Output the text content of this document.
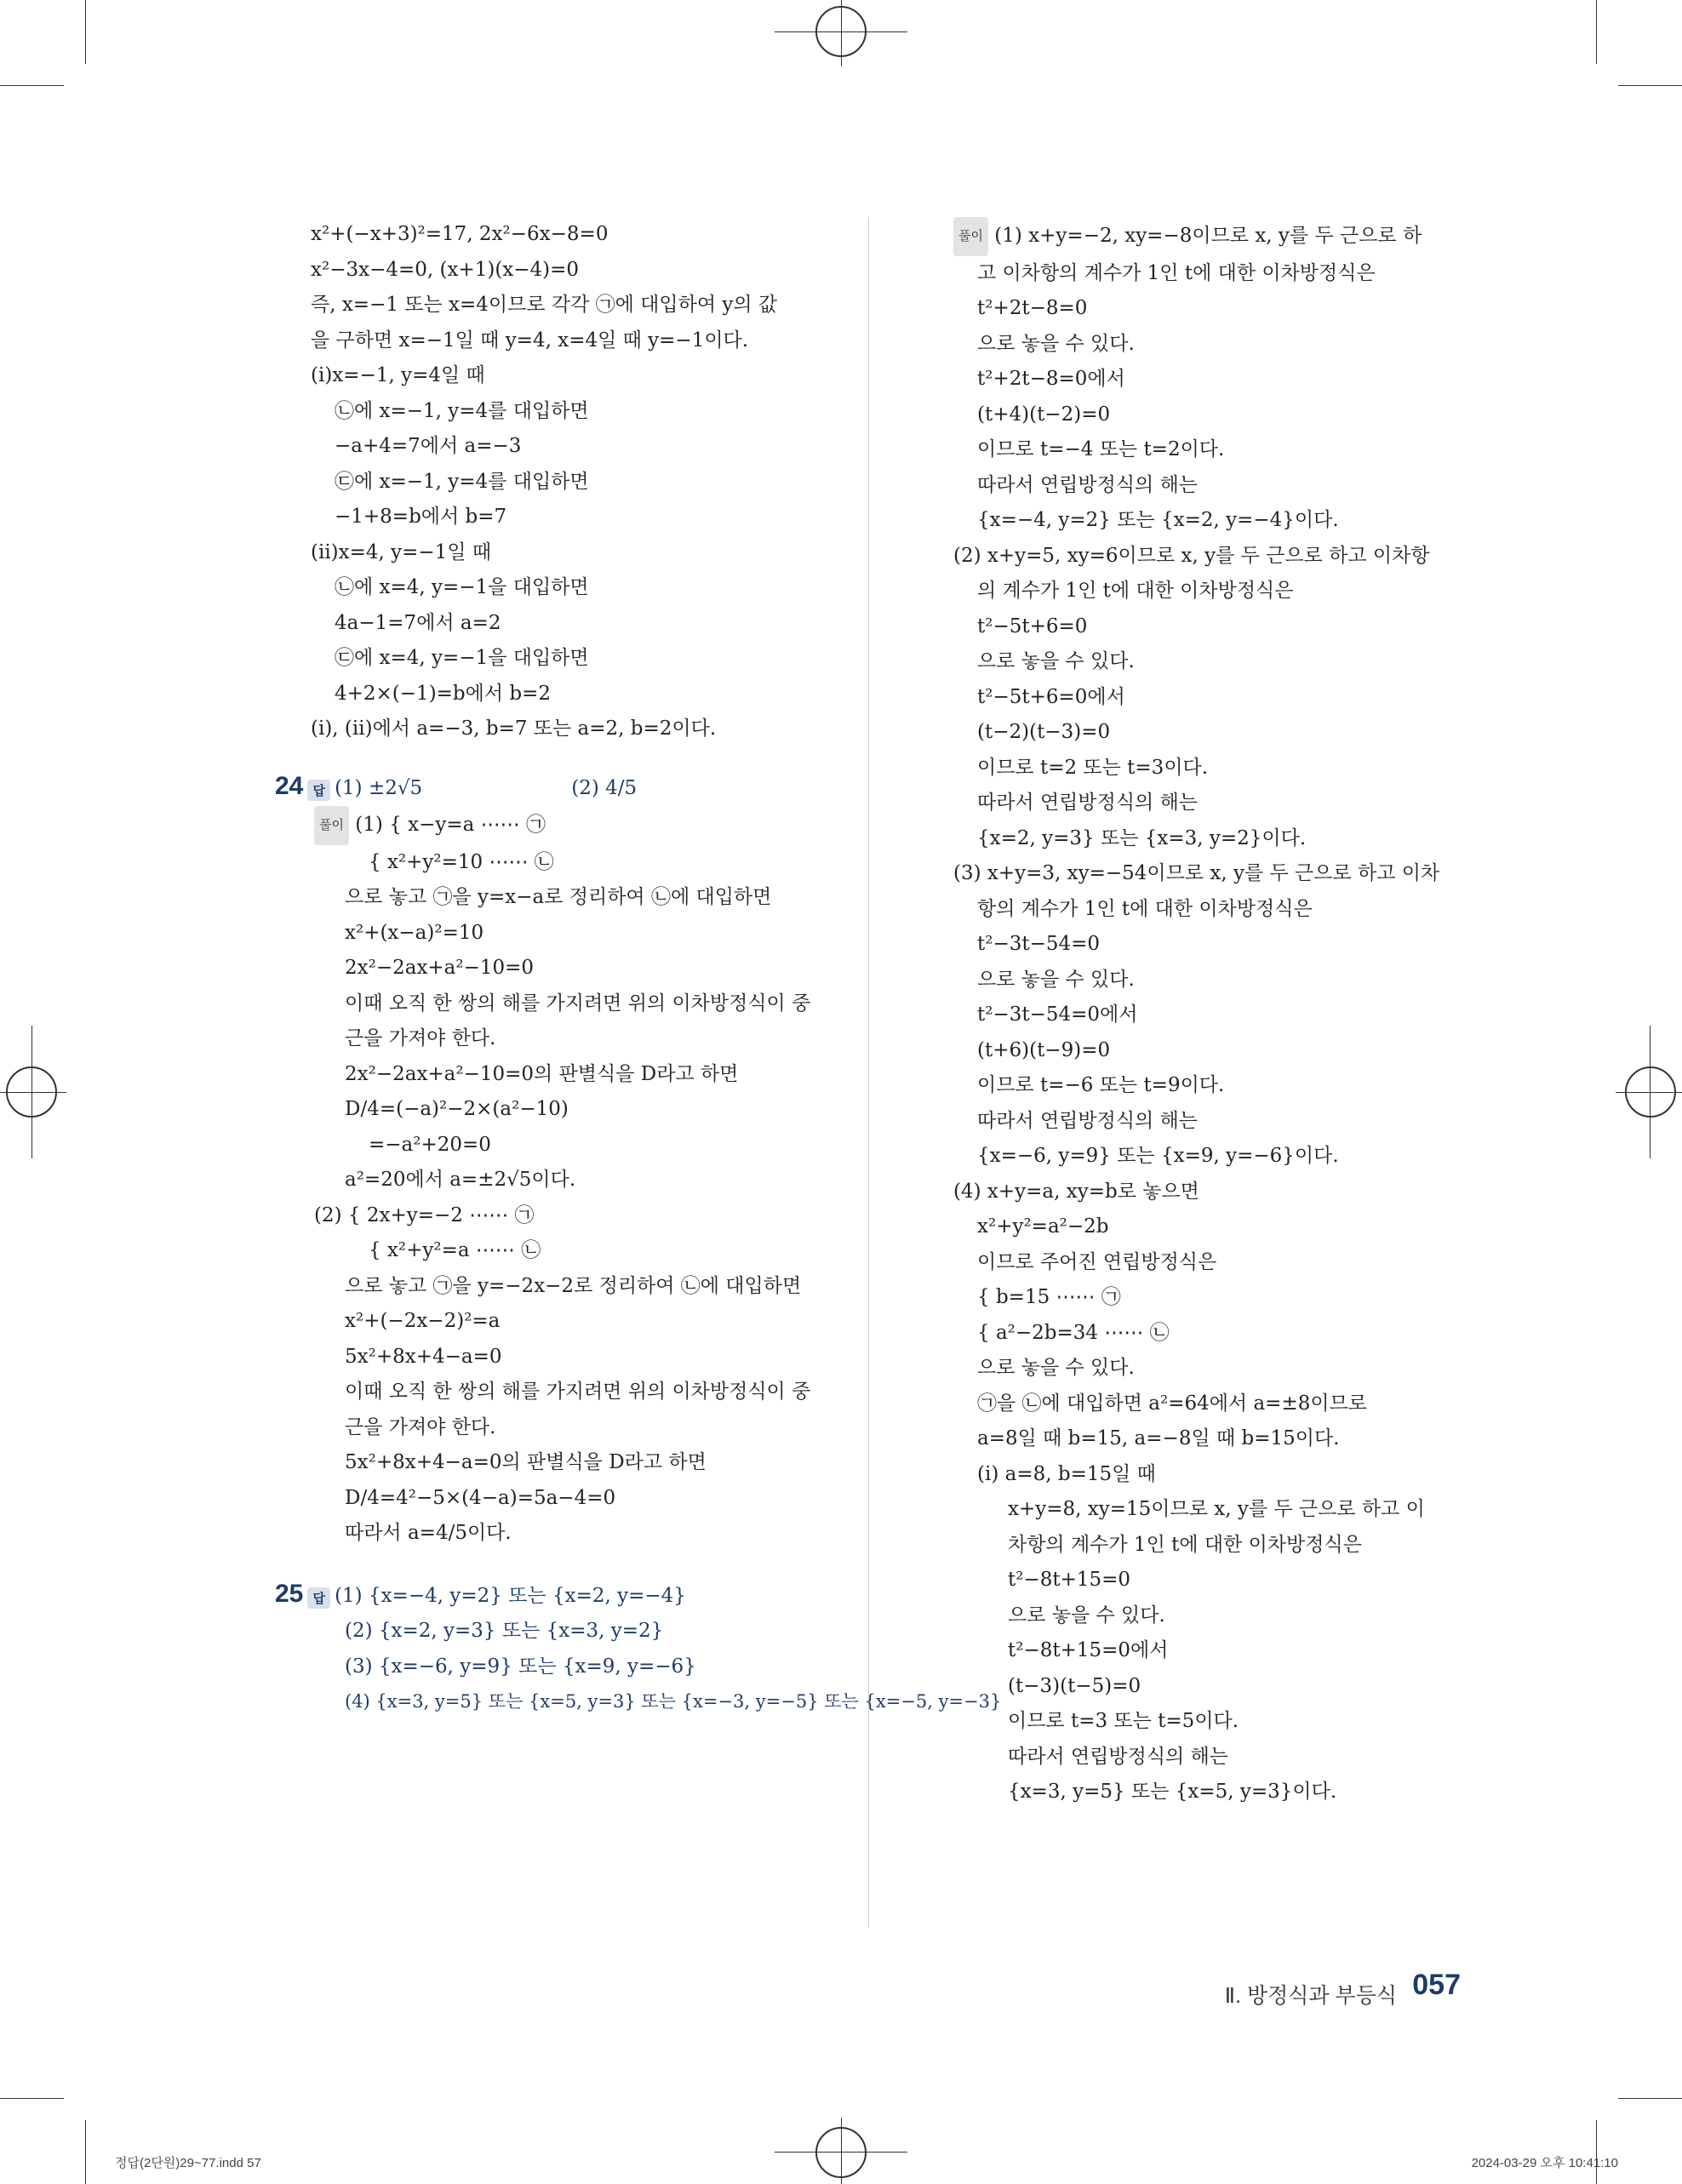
x²+(−x+3)²=17, 2x²−6x−8=0
x²−3x−4=0, (x+1)(x−4)=0
즉, x=−1 또는 x=4이므로 각각 ㉠에 대입하여 y의 값
을 구하면 x=−1일 때 y=4, x=4일 때 y=−1이다.
(ⅰ)x=−1, y=4일 때
㉡에 x=−1, y=4를 대입하면
−a+4=7에서 a=−3
㉢에 x=−1, y=4를 대입하면
−1+8=b에서 b=7
(ⅱ)x=4, y=−1일 때
㉡에 x=4, y=−1을 대입하면
4a−1=7에서 a=2
㉢에 x=4, y=−1을 대입하면
4+2×(−1)=b에서 b=2
(ⅰ), (ⅱ)에서 a=−3, b=7 또는 a=2, b=2이다.
24 답 (1) ±2√5	(2) 4/5
풀이 (1) { x−y=a ⋯⋯ ㉠
{ x²+y²=10 ⋯⋯ ㉡
으로 놓고 ㉠을 y=x−a로 정리하여 ㉡에 대입하면
x²+(x−a)²=10
2x²−2ax+a²−10=0
이때 오직 한 쌍의 해를 가지려면 위의 이차방정식이 중
근을 가져야 한다.
2x²−2ax+a²−10=0의 판별식을 D라고 하면
D/4=(−a)²−2×(a²−10)
=−a²+20=0
a²=20에서 a=±2√5이다.
(2) { 2x+y=−2 ⋯⋯ ㉠
{ x²+y²=a ⋯⋯ ㉡
으로 놓고 ㉠을 y=−2x−2로 정리하여 ㉡에 대입하면
x²+(−2x−2)²=a
5x²+8x+4−a=0
이때 오직 한 쌍의 해를 가지려면 위의 이차방정식이 중
근을 가져야 한다.
5x²+8x+4−a=0의 판별식을 D라고 하면
D/4=4²−5×(4−a)=5a−4=0
따라서 a=4/5이다.
25 답 (1) {x=−4, y=2} 또는 {x=2, y=−4}
(2) {x=2, y=3} 또는 {x=3, y=2}
(3) {x=−6, y=9} 또는 {x=9, y=−6}
(4) {x=3, y=5} 또는 {x=5, y=3} 또는 {x=−3, y=−5} 또는 {x=−5, y=−3}
풀이 (1) x+y=−2, xy=−8이므로 x, y를 두 근으로 하
고 이차항의 계수가 1인 t에 대한 이차방정식은
t²+2t−8=0
으로 놓을 수 있다.
t²+2t−8=0에서
(t+4)(t−2)=0
이므로 t=−4 또는 t=2이다.
따라서 연립방정식의 해는
{x=−4, y=2} 또는 {x=2, y=−4}이다.
(2) x+y=5, xy=6이므로 x, y를 두 근으로 하고 이차항
의 계수가 1인 t에 대한 이차방정식은
t²−5t+6=0
으로 놓을 수 있다.
t²−5t+6=0에서
(t−2)(t−3)=0
이므로 t=2 또는 t=3이다.
따라서 연립방정식의 해는
{x=2, y=3} 또는 {x=3, y=2}이다.
(3) x+y=3, xy=−54이므로 x, y를 두 근으로 하고 이차
항의 계수가 1인 t에 대한 이차방정식은
t²−3t−54=0
으로 놓을 수 있다.
t²−3t−54=0에서
(t+6)(t−9)=0
이므로 t=−6 또는 t=9이다.
따라서 연립방정식의 해는
{x=−6, y=9} 또는 {x=9, y=−6}이다.
(4) x+y=a, xy=b로 놓으면
x²+y²=a²−2b
이므로 주어진 연립방정식은
{ b=15 ⋯⋯ ㉠
{ a²−2b=34 ⋯⋯ ㉡
으로 놓을 수 있다.
㉠을 ㉡에 대입하면 a²=64에서 a=±8이므로
a=8일 때 b=15, a=−8일 때 b=15이다.
(ⅰ) a=8, b=15일 때
x+y=8, xy=15이므로 x, y를 두 근으로 하고 이
차항의 계수가 1인 t에 대한 이차방정식은
t²−8t+15=0
으로 놓을 수 있다.
t²−8t+15=0에서
(t−3)(t−5)=0
이므로 t=3 또는 t=5이다.
따라서 연립방정식의 해는
{x=3, y=5} 또는 {x=5, y=3}이다.
Ⅱ. 방정식과 부등식 057
정답(2단원)29~77.indd 57	2024-03-29 오후 10:41:10
